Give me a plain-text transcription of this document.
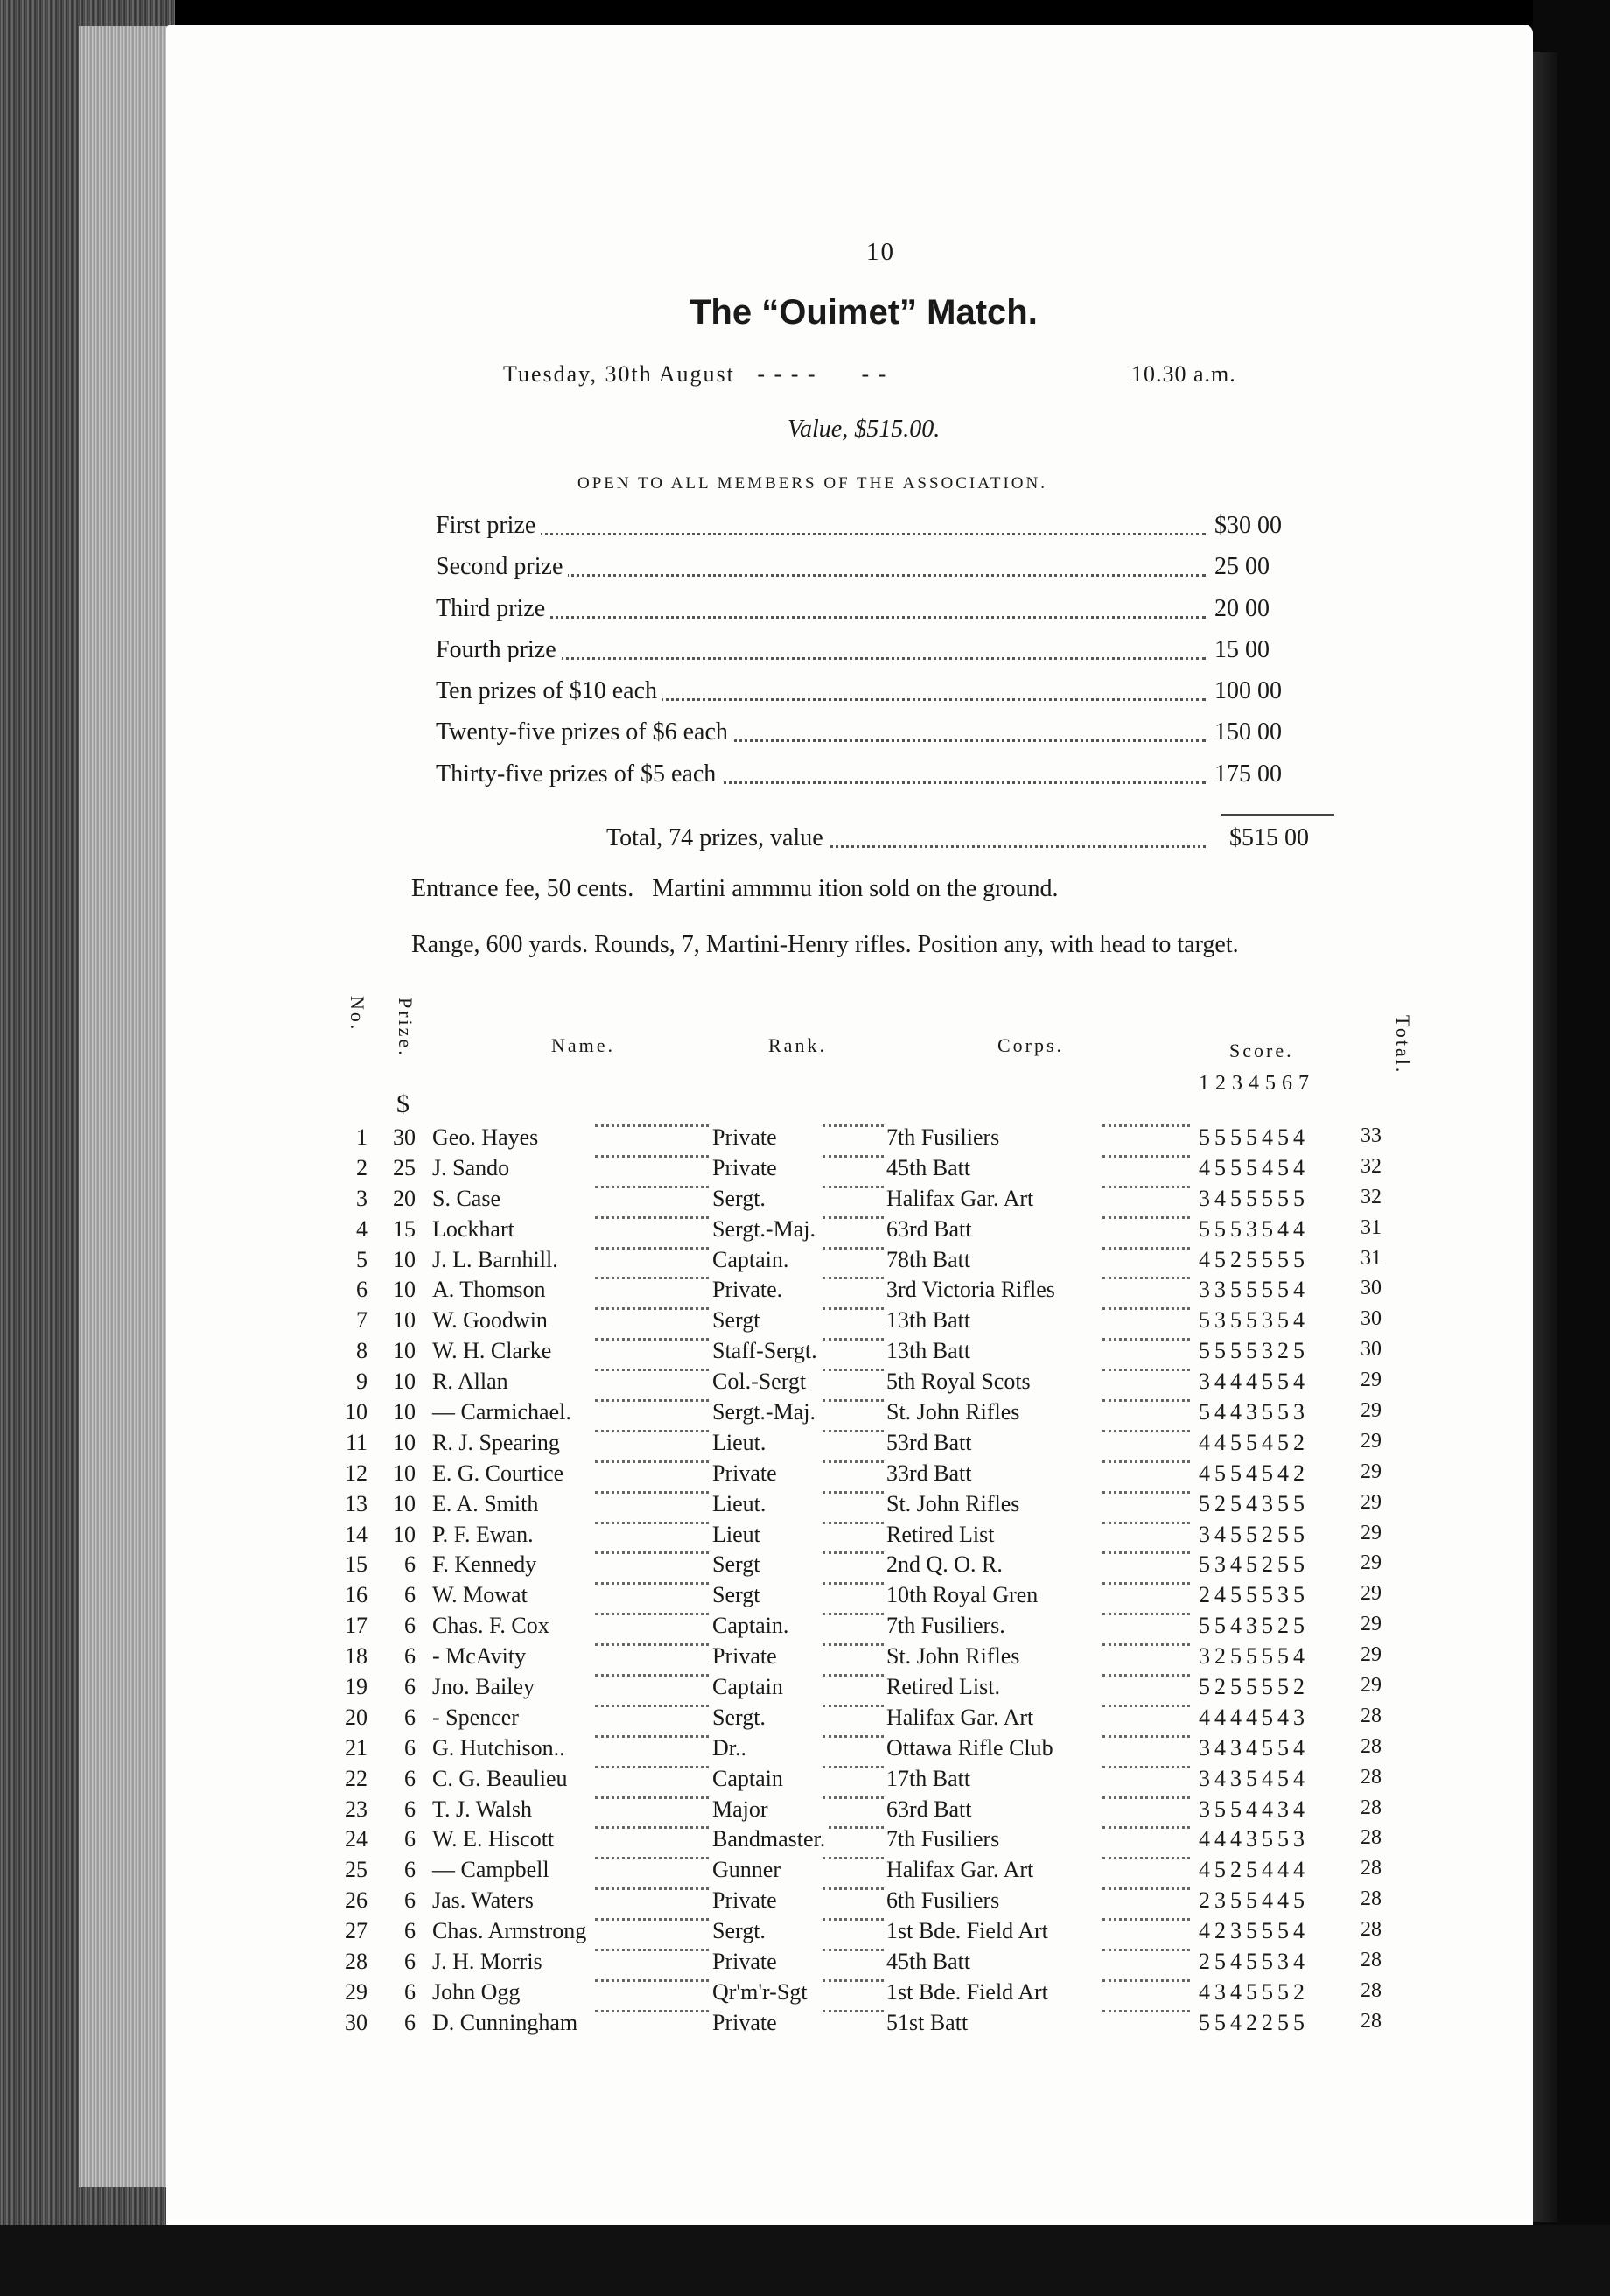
10
The “Ouimet” Match.
Tuesday, 30th August - - - -      - -	10.30 a.m.
Value, $515.00.
OPEN TO ALL MEMBERS OF THE ASSOCIATION.
First prize	$30 00
Second prize	25 00
Third prize	20 00
Fourth prize	15 00
Ten prizes of $10 each	100 00
Twenty-five prizes of $6 each	150 00
Thirty-five prizes of $5 each	175 00
Total, 74 prizes, value	$515 00
Entrance fee, 50 cents.   Martini ammmu ition sold on the ground.
Range, 600 yards. Rounds, 7, Martini-Henry rifles. Position any, with head to target.
No. Prize.
$
Name.	Rank.	Corps.	Score.
1234567
Total.
1	30 Geo. Hayes	Private	7th Fusiliers	5555454 33
2	25 J. Sando	Private	45th Batt	4555454 32
3	20 S. Case	Sergt.	Halifax Gar. Art	3455555 32
4	15 Lockhart	Sergt.-Maj.	63rd Batt	5553544 31
5	10 J. L. Barnhill.	Captain.	78th Batt	4525555 31
6	10 A. Thomson	Private.	3rd Victoria Rifles	3355554 30
7	10 W. Goodwin	Sergt	13th Batt	5355354 30
8	10 W. H. Clarke	Staff-Sergt.	13th Batt	5555325 30
9	10 R. Allan	Col.-Sergt	5th Royal Scots	3444554 29
10	10 — Carmichael.	Sergt.-Maj.	St. John Rifles	5443553 29
11	10 R. J. Spearing	Lieut.	53rd Batt	4455452 29
12	10 E. G. Courtice	Private	33rd Batt	4554542 29
13	10 E. A. Smith	Lieut.	St. John Rifles	5254355 29
14	10 P. F. Ewan.	Lieut	Retired List	3455255 29
15	6 F. Kennedy	Sergt	2nd Q. O. R.	5345255 29
16	6 W. Mowat	Sergt	10th Royal Gren	2455535 29
17	6 Chas. F. Cox	Captain.	7th Fusiliers.	5543525 29
18	6 - McAvity	Private	St. John Rifles	3255554 29
19	6 Jno. Bailey	Captain	Retired List.	5255552 29
20	6 - Spencer	Sergt.	Halifax Gar. Art	4444543 28
21	6 G. Hutchison..	Dr..	Ottawa Rifle Club	3434554 28
22	6 C. G. Beaulieu	Captain	17th Batt	3435454 28
23	6 T. J. Walsh	Major	63rd Batt	3554434 28
24	6 W. E. Hiscott	Bandmaster.	7th Fusiliers	4443553 28
25	6 — Campbell	Gunner	Halifax Gar. Art	4525444 28
26	6 Jas. Waters	Private	6th Fusiliers	2355445 28
27	6 Chas. Armstrong	Sergt.	1st Bde. Field Art	4235554 28
28	6 J. H. Morris	Private	45th Batt	2545534 28
29	6 John Ogg	Qr'm'r-Sgt	1st Bde. Field Art	4345552 28
30	6 D. Cunningham	Private	51st Batt	5542255 28
